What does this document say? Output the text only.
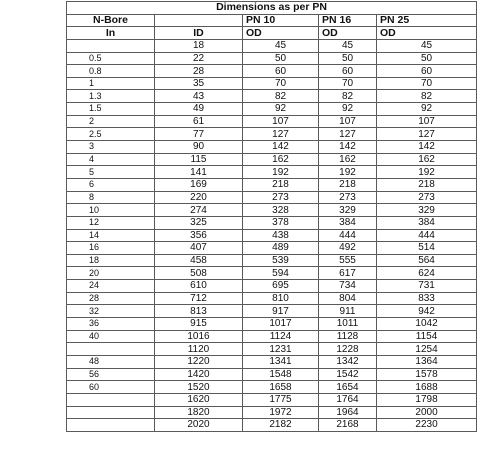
Dimensions as per PN				
N-Bore		PN 10	PN 16	PN 25
In	ID	OD	OD	OD
	18	45	45	45
0.5	22	50	50	50
0.8	28	60	60	60
1	35	70	70	70
1.3	43	82	82	82
1.5	49	92	92	92
2	61	107	107	107
2.5	77	127	127	127
3	90	142	142	142
4	115	162	162	162
5	141	192	192	192
6	169	218	218	218
8	220	273	273	273
10	274	328	329	329
12	325	378	384	384
14	356	438	444	444
16	407	489	492	514
18	458	539	555	564
20	508	594	617	624
24	610	695	734	731
28	712	810	804	833
32	813	917	911	942
36	915	1017	1011	1042
40	1016	1124	1128	1154
	1120	1231	1228	1254
48	1220	1341	1342	1364
56	1420	1548	1542	1578
60	1520	1658	1654	1688
	1620	1775	1764	1798
	1820	1972	1964	2000
	2020	2182	2168	2230
